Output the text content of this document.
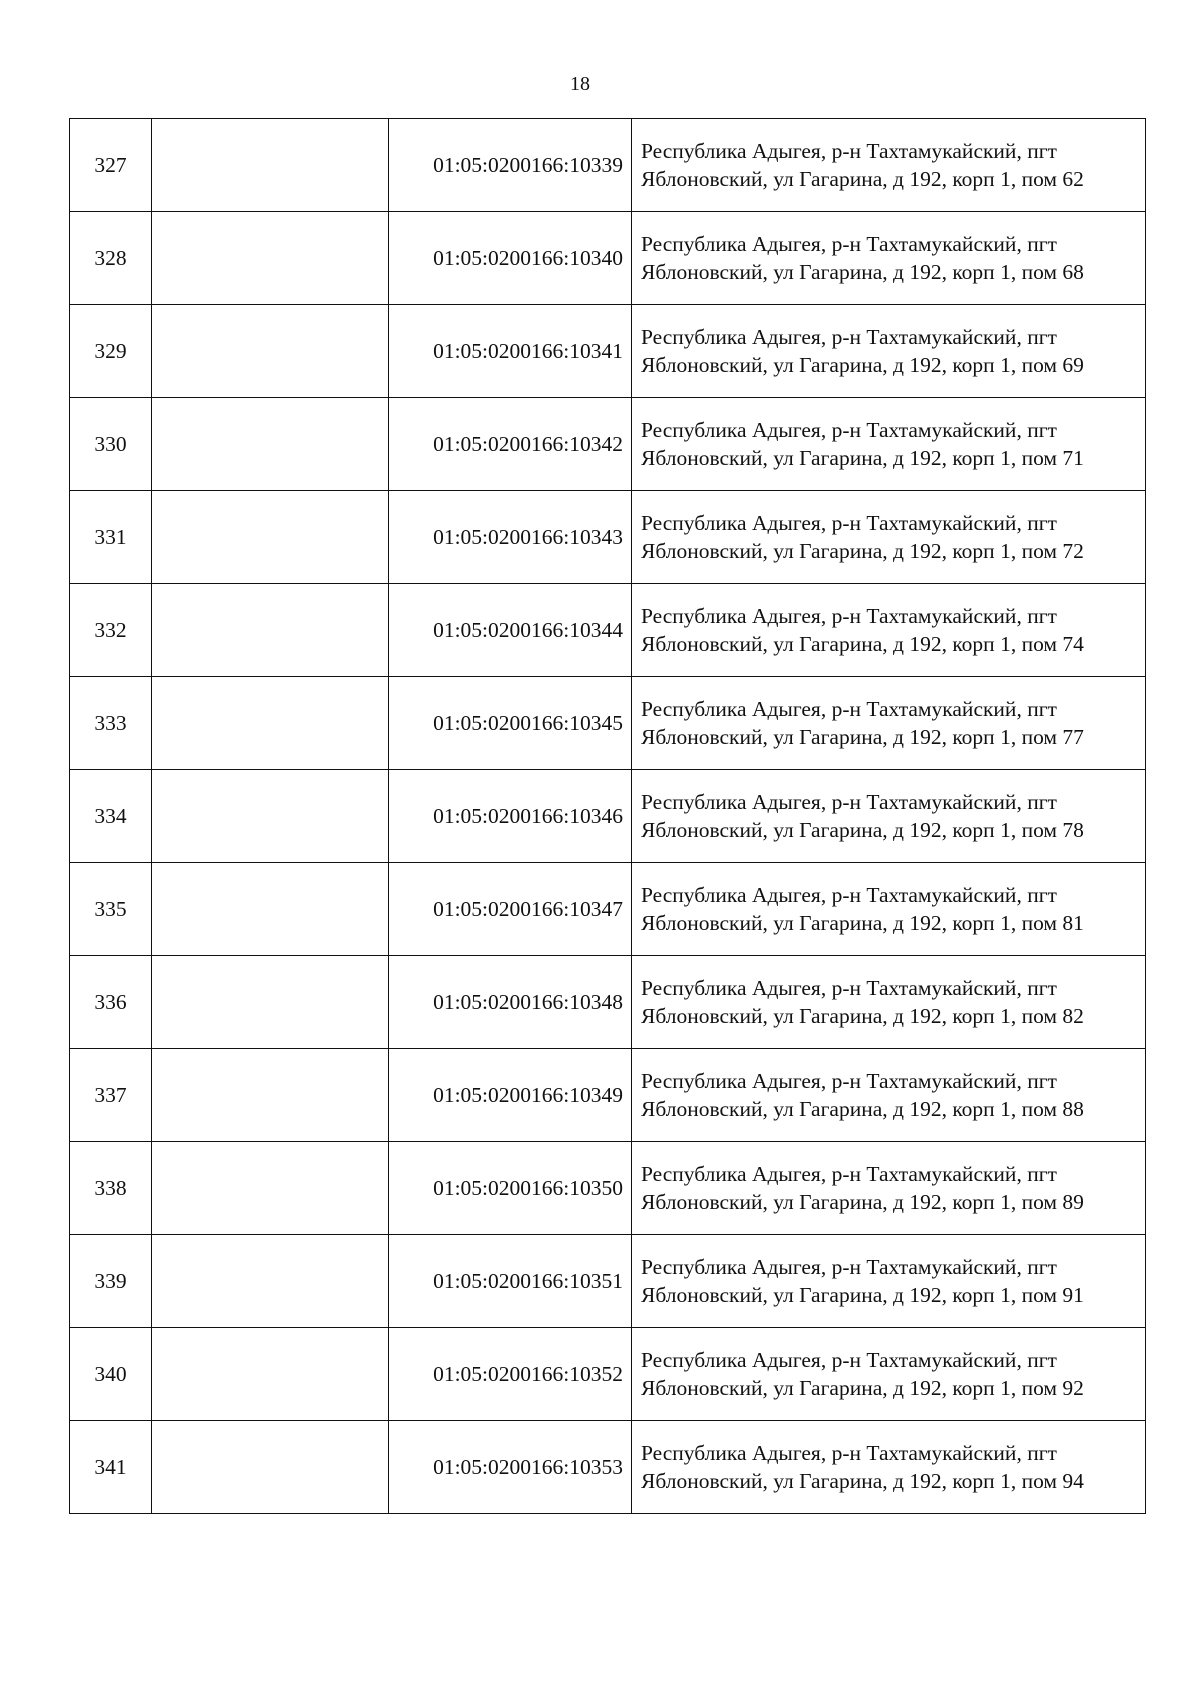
18
327		01:05:0200166:10339	Республика Адыгея, р-н Тахтамукайский, пгт Яблоновский, ул Гагарина, д 192, корп 1, пом 62
328		01:05:0200166:10340	Республика Адыгея, р-н Тахтамукайский, пгт Яблоновский, ул Гагарина, д 192, корп 1, пом 68
329		01:05:0200166:10341	Республика Адыгея, р-н Тахтамукайский, пгт Яблоновский, ул Гагарина, д 192, корп 1, пом 69
330		01:05:0200166:10342	Республика Адыгея, р-н Тахтамукайский, пгт Яблоновский, ул Гагарина, д 192, корп 1, пом 71
331		01:05:0200166:10343	Республика Адыгея, р-н Тахтамукайский, пгт Яблоновский, ул Гагарина, д 192, корп 1, пом 72
332		01:05:0200166:10344	Республика Адыгея, р-н Тахтамукайский, пгт Яблоновский, ул Гагарина, д 192, корп 1, пом 74
333		01:05:0200166:10345	Республика Адыгея, р-н Тахтамукайский, пгт Яблоновский, ул Гагарина, д 192, корп 1, пом 77
334		01:05:0200166:10346	Республика Адыгея, р-н Тахтамукайский, пгт Яблоновский, ул Гагарина, д 192, корп 1, пом 78
335		01:05:0200166:10347	Республика Адыгея, р-н Тахтамукайский, пгт Яблоновский, ул Гагарина, д 192, корп 1, пом 81
336		01:05:0200166:10348	Республика Адыгея, р-н Тахтамукайский, пгт Яблоновский, ул Гагарина, д 192, корп 1, пом 82
337		01:05:0200166:10349	Республика Адыгея, р-н Тахтамукайский, пгт Яблоновский, ул Гагарина, д 192, корп 1, пом 88
338		01:05:0200166:10350	Республика Адыгея, р-н Тахтамукайский, пгт Яблоновский, ул Гагарина, д 192, корп 1, пом 89
339		01:05:0200166:10351	Республика Адыгея, р-н Тахтамукайский, пгт Яблоновский, ул Гагарина, д 192, корп 1, пом 91
340		01:05:0200166:10352	Республика Адыгея, р-н Тахтамукайский, пгт Яблоновский, ул Гагарина, д 192, корп 1, пом 92
341		01:05:0200166:10353	Республика Адыгея, р-н Тахтамукайский, пгт Яблоновский, ул Гагарина, д 192, корп 1, пом 94
